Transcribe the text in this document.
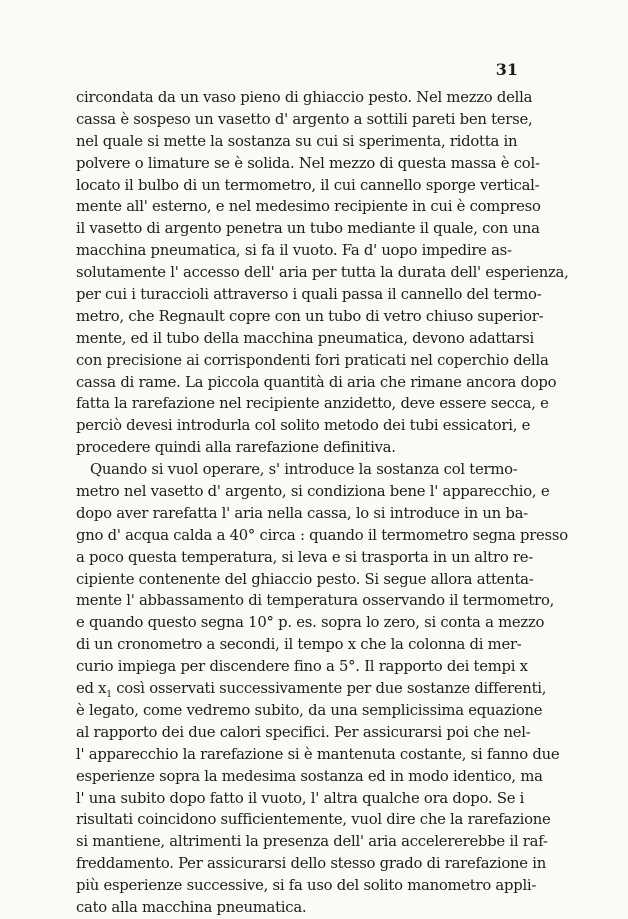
31
circondata da un vaso pieno di ghiaccio pesto. Nel mezzo della
cassa è sospeso un vasetto d' argento a sottili pareti ben terse,
nel quale si mette la sostanza su cui si sperimenta, ridotta in
polvere o limature se è solida. Nel mezzo di questa massa è col-
locato il bulbo di un termometro, il cui cannello sporge vertical-
mente all' esterno, e nel medesimo recipiente in cui è compreso
il vasetto di argento penetra un tubo mediante il quale, con una
macchina pneumatica, si fa il vuoto. Fa d' uopo impedire as-
solutamente l' accesso dell' aria per tutta la durata dell' esperienza,
per cui i turaccioli attraverso i quali passa il cannello del termo-
metro, che Regnault copre con un tubo di vetro chiuso superior-
mente, ed il tubo della macchina pneumatica, devono adattarsi
con precisione ai corrispondenti fori praticati nel coperchio della
cassa di rame. La piccola quantità di aria che rimane ancora dopo
fatta la rarefazione nel recipiente anzidetto, deve essere secca, e
perciò devesi introdurla col solito metodo dei tubi essicatori, e
procedere quindi alla rarefazione definitiva.
Quando si vuol operare, s' introduce la sostanza col termo-
metro nel vasetto d' argento, si condiziona bene l' apparecchio, e
dopo aver rarefatta l' aria nella cassa, lo si introduce in un ba-
gno d' acqua calda a 40° circa : quando il termometro segna presso
a poco questa temperatura, si leva e si trasporta in un altro re-
cipiente contenente del ghiaccio pesto. Si segue allora attenta-
mente l' abbassamento di temperatura osservando il termometro,
e quando questo segna 10° p. es. sopra lo zero, si conta a mezzo
di un cronometro a secondi, il tempo x che la colonna di mer-
curio impiega per discendere fino a 5°. Il rapporto dei tempi x
ed $x_1$ così osservati successivamente per due sostanze differenti,
è legato, come vedremo subito, da una semplicissima equazione
al rapporto dei due calori specifici. Per assicurarsi poi che nel-
l' apparecchio la rarefazione si è mantenuta costante, si fanno due
esperienze sopra la medesima sostanza ed in modo identico, ma
l' una subito dopo fatto il vuoto, l' altra qualche ora dopo. Se i
risultati coincidono sufficientemente, vuol dire che la rarefazione
si mantiene, altrimenti la presenza dell' aria accelererebbe il raf-
freddamento. Per assicurarsi dello stesso grado di rarefazione in
più esperienze successive, si fa uso del solito manometro appli-
cato alla macchina pneumatica.
